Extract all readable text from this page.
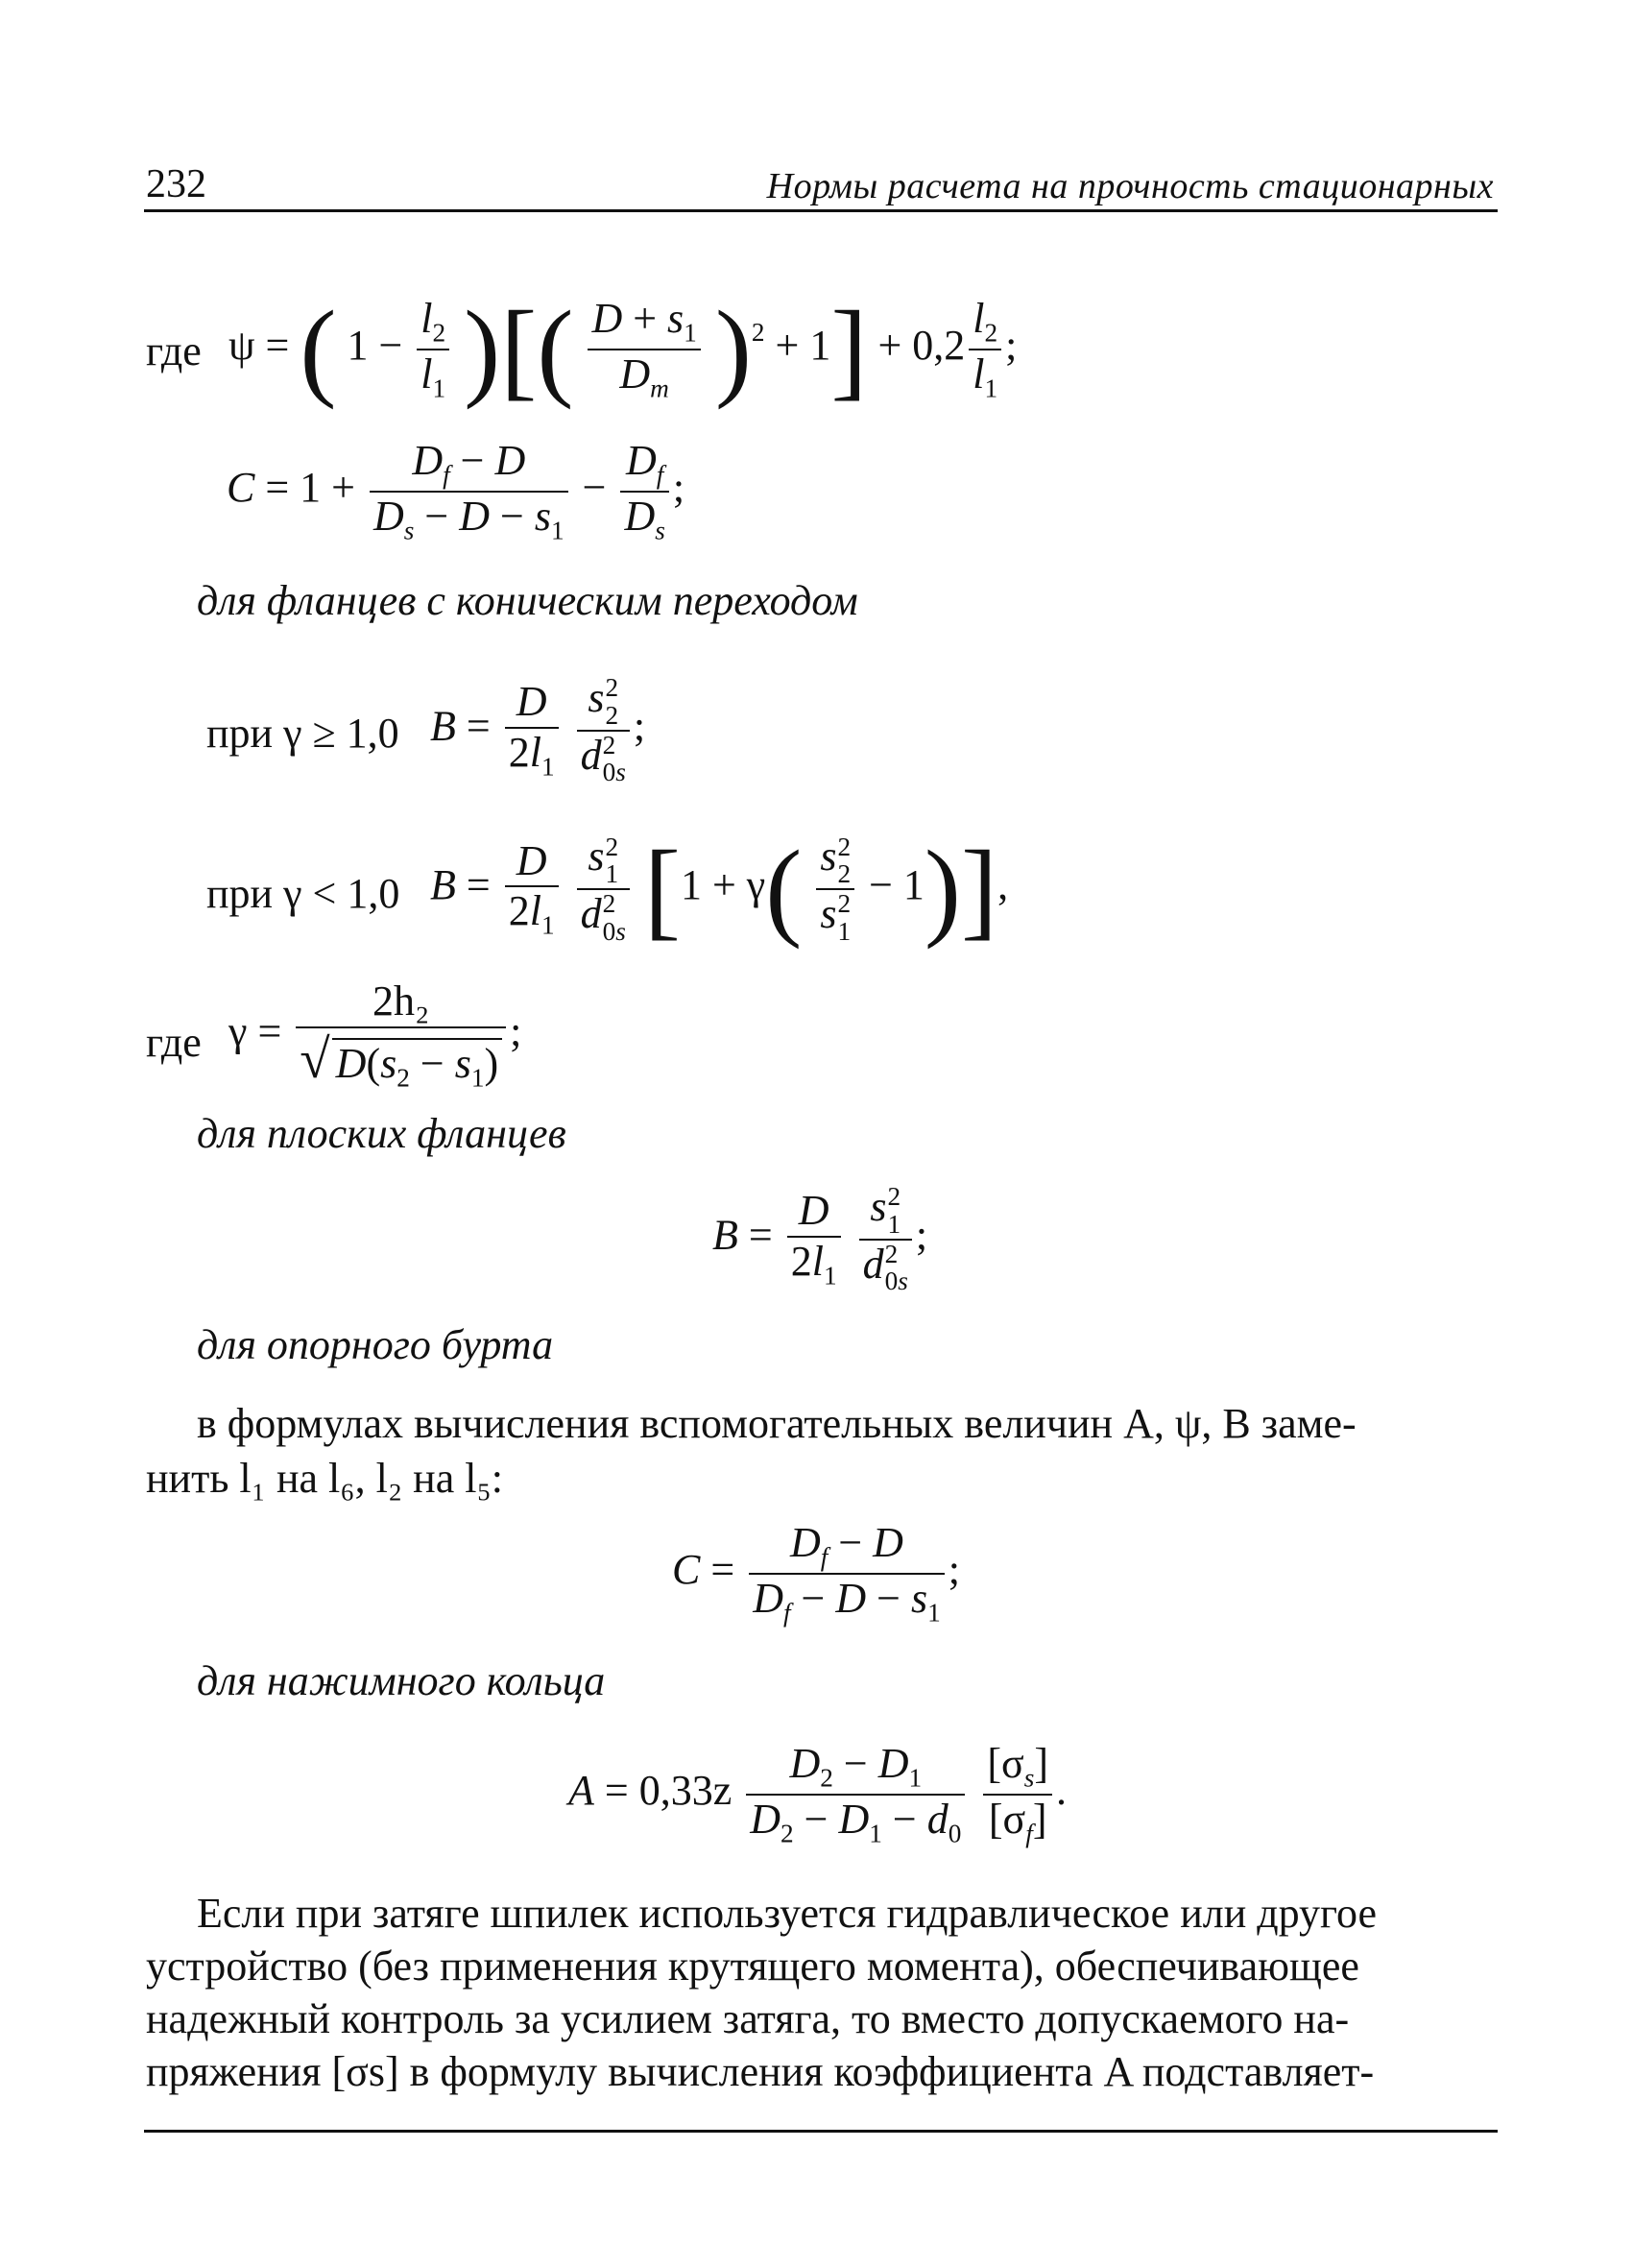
232	Нормы расчета на прочность стационарных
где ψ = ( $1 - \frac{l_2}{l_1}$ )[( $\frac{D + s_1}{D_m} )^2 + 1] + 0,2 \frac{l_2}{l_1}$ ;
$C = 1 + \frac{D_f - D}{D_s - D - s_1} - \frac{D_f}{D_s}$ ;
для фланцев с коническим переходом
при γ ≥ 1,0 $B = \frac{D}{2l_1}$
s 2
2
d 2
0s ;
при γ < 1,0 $B = \frac{D}{2l_1}$
s 2
1
d 2
0s [1 + γ( s 2
2
s 2
1 − 1)],
где $\gamma = \frac{\text{2h₂}}{√ D(s_2 - s_1)}$ ;
для плоских фланцев
$B = \frac{D}{2l_1}$
s 2
1
d 2
0s ;
для опорного бурта
в формулах вычисления вспомогательных величин A, ψ, B заме-
нить l₁ на l₆, l₂ на l₅:
$C = \frac{D_f - D}{D_f - D - s_1}$ ;
для нажимного кольца
$A = 0,33z \frac{D_2 - D_1}{D_2 - D_1 - d_0}$
$\frac{[\sigma_s]}{[\sigma_f]}$ .
Если при затяге шпилек используется гидравлическое или другое
устройство (без применения крутящего момента), обеспечивающее
надежный контроль за усилием затяга, то вместо допускаемого на-
пряжения [σs] в формулу вычисления коэффициента A подставляет-
